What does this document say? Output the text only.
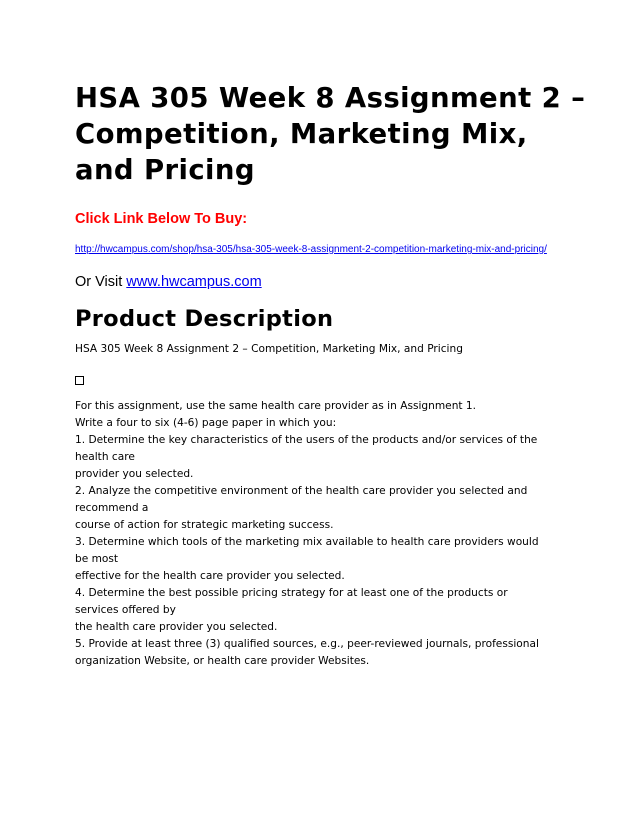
HSA 305 Week 8 Assignment 2 – Competition, Marketing Mix, and Pricing
Click Link Below To Buy:
http://hwcampus.com/shop/hsa-305/hsa-305-week-8-assignment-2-competition-marketing-mix-and-pricing/
Or Visit www.hwcampus.com
Product Description
HSA 305 Week 8 Assignment 2 – Competition, Marketing Mix, and Pricing
For this assignment, use the same health care provider as in Assignment 1.
Write a four to six (4-6) page paper in which you:
1. Determine the key characteristics of the users of the products and/or services of the
health care
provider you selected.
2. Analyze the competitive environment of the health care provider you selected and
recommend a
course of action for strategic marketing success.
3. Determine which tools of the marketing mix available to health care providers would
be most
effective for the health care provider you selected.
4. Determine the best possible pricing strategy for at least one of the products or
services offered by
the health care provider you selected.
5. Provide at least three (3) qualified sources, e.g., peer-reviewed journals, professional
organization Website, or health care provider Websites.
